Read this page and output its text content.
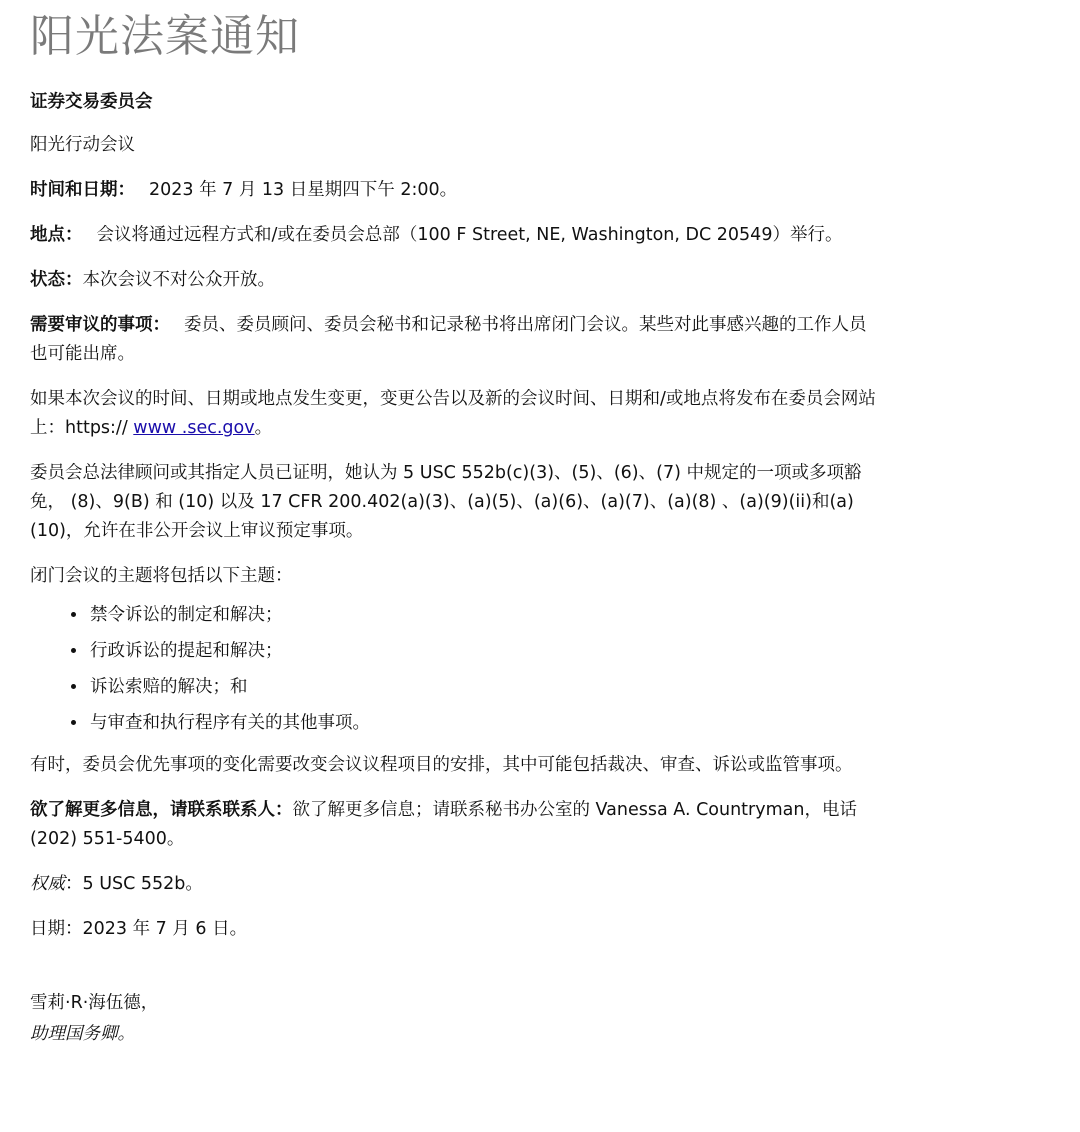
阳光法案通知

证券交易委员会

阳光行动会议

时间和日期： 2023 年 7 月 13 日星期四下午 2:00。

地点： 会议将通过远程方式和/或在委员会总部（100 F Street, NE, Washington, DC 20549）举行。

状态：本次会议不对公众开放。

需要审议的事项： 委员、委员顾问、委员会秘书和记录秘书将出席闭门会议。某些对此事感兴趣的工作人员也可能出席。

如果本次会议的时间、日期或地点发生变更，变更公告以及新的会议时间、日期和/或地点将发布在委员会网站上：https:// www .sec.gov。

委员会总法律顾问或其指定人员已证明，她认为 5 USC 552b(c)(3)、(5)、(6)、(7) 中规定的一项或多项豁免， (8)、9(B) 和 (10) 以及 17 CFR 200.402(a)(3)、(a)(5)、(a)(6)、(a)(7)、(a)(8) 、(a)(9)(ii)和(a)(10)，允许在非公开会议上审议预定事项。

闭门会议的主题将包括以下主题：

• 禁令诉讼的制定和解决；
• 行政诉讼的提起和解决；
• 诉讼索赔的解决；和
• 与审查和执行程序有关的其他事项。

有时，委员会优先事项的变化需要改变会议议程项目的安排，其中可能包括裁决、审查、诉讼或监管事项。

欲了解更多信息，请联系联系人：欲了解更多信息；请联系秘书办公室的 Vanessa A. Countryman，电话 (202) 551-5400。

权威：5 USC 552b。

日期：2023 年 7 月 6 日。

雪莉·R·海伍德，
助理国务卿。
